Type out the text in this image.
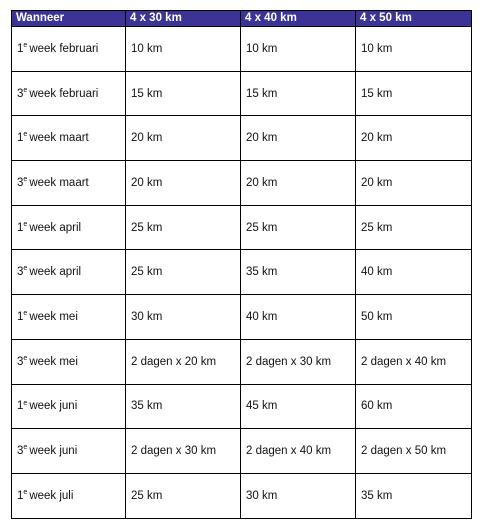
Wanneer	4 x 30 km	4 x 40 km	4 x 50 km
1e week februari	10 km	10 km	10 km
3e week februari	15 km	15 km	15 km
1e week maart	20 km	20 km	20 km
3e week maart	20 km	20 km	20 km
1e week april	25 km	25 km	25 km
3e week april	25 km	35 km	40 km
1e week mei	30 km	40 km	50 km
3e week mei	2 dagen x 20 km	2 dagen x 30 km	2 dagen x 40 km
1e week juni	35 km	45 km	60 km
3e week juni	2 dagen x 30 km	2 dagen x 40 km	2 dagen x 50 km
1e week juli	25 km	30 km	35 km
